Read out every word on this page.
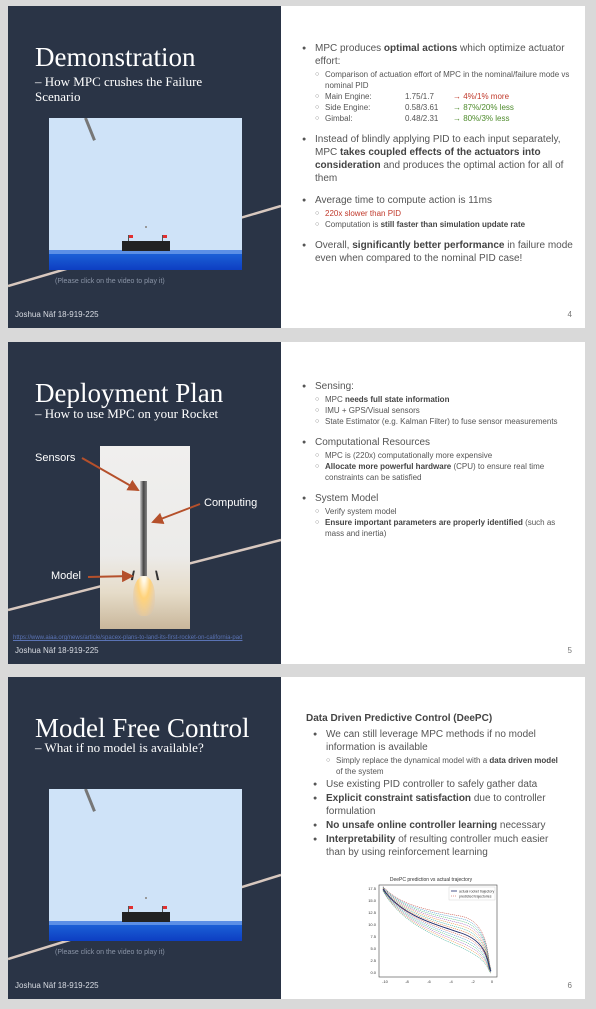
Demonstration
– How MPC crushes the Failure Scenario
(Please click on the video to play it)
Joshua Näf 18-919-225
● MPC produces optimal actions which optimize actuator effort:
○ Comparison of actuation effort of MPC in the nominal/failure mode vs nominal PID
○ Main Engine:	1.75/1.7 → 4%/1% more
○ Side Engine:	0.58/3.61 → 87%/20% less
○ Gimbal:	0.48/2.31 → 80%/3% less
● Instead of blindly applying PID to each input separately, MPC takes coupled effects of the actuators into consideration and produces the optimal action for all of them
● Average time to compute action is 11ms
○ 220x slower than PID
○ Computation is still faster than simulation update rate
● Overall, significantly better performance in failure mode even when compared to the nominal PID case!
4
Deployment Plan
– How to use MPC on your Rocket
Sensors
Computing
Model
https://www.aiaa.org/news/article/spacex-plans-to-land-its-first-rocket-on-california-pad
Joshua Näf 18-919-225
● Sensing:
○ MPC needs full state information
○ IMU + GPS/Visual sensors
○ State Estimator (e.g. Kalman Filter) to fuse sensor measurements
● Computational Resources
○ MPC is (220x) computationally more expensive
○ Allocate more powerful hardware (CPU) to ensure real time constraints can be satisfied
● System Model
○ Verify system model
○ Ensure important parameters are properly identified (such as mass and inertia)
5
Model Free Control
– What if no model is available?
(Please click on the video to play it)
Joshua Näf 18-919-225
Data Driven Predictive Control (DeePC)
● We can still leverage MPC methods if no model information is available
○ Simply replace the dynamical model with a data driven model of the system
● Use existing PID controller to safely gather data
● Explicit constraint satisfaction due to controller formulation
● No unsafe online controller learning necessary
● Interpretability of resulting controller much easier than by using reinforcement learning
DeePC prediction vs actual trajectory
17.5
15.0
12.5
10.0
7.5
5.0
2.5
0.0
-10	-8	-6	-4	-2	0
actual rocket trajectory
predicted trajectories
6
